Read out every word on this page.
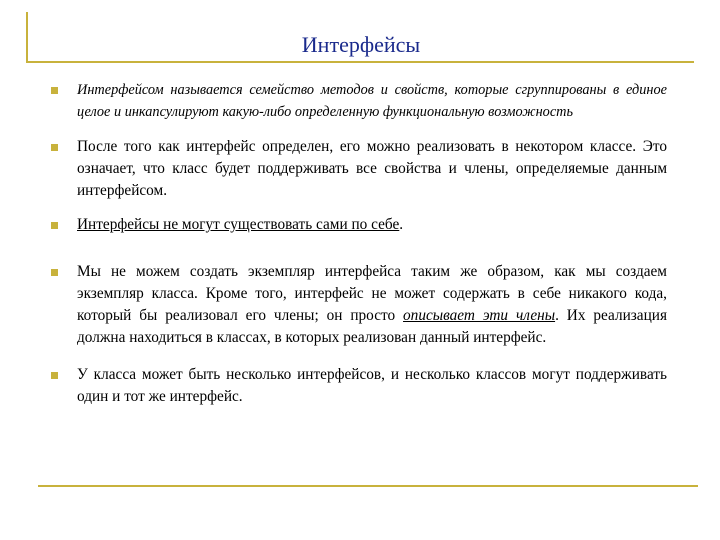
Интерфейсы
Интерфейсом называется семейство методов и свойств, которые сгруппированы в единое целое и инкапсулируют какую-либо определенную функциональную возможность
После того как интерфейс определен, его можно реализовать в некотором классе. Это означает, что класс будет поддерживать все свойства и члены, определяемые данным интерфейсом.
Интерфейсы не могут существовать сами по себе.
Мы не можем создать экземпляр интерфейса таким же образом, как мы создаем экземпляр класса. Кроме того, интерфейс не может содержать в себе никакого кода, который бы реализовал его члены; он просто описывает эти члены. Их реализация должна находиться в классах, в которых реализован данный интерфейс.
У класса может быть несколько интерфейсов, и несколько классов могут поддерживать один и тот же интерфейс.
